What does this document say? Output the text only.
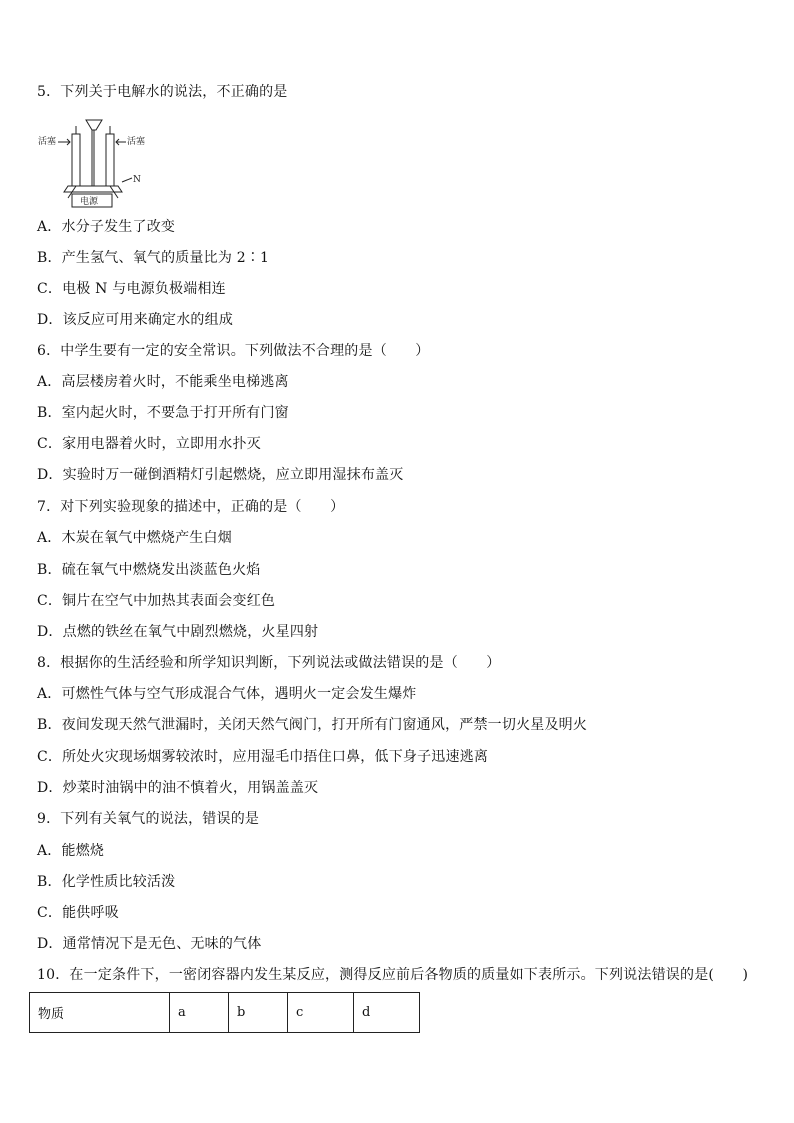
5．下列关于电解水的说法，不正确的是

活塞	活塞
N
电源

A．水分子发生了改变

B．产生氢气、氧气的质量比为 2∶1

C．电极 N 与电源负极端相连

D．该反应可用来确定水的组成

6．中学生要有一定的安全常识。下列做法不合理的是（　　）

A．高层楼房着火时，不能乘坐电梯逃离

B．室内起火时，不要急于打开所有门窗

C．家用电器着火时，立即用水扑灭

D．实验时万一碰倒酒精灯引起燃烧，应立即用湿抹布盖灭

7．对下列实验现象的描述中，正确的是（　　）

A．木炭在氧气中燃烧产生白烟

B．硫在氧气中燃烧发出淡蓝色火焰

C．铜片在空气中加热其表面会变红色

D．点燃的铁丝在氧气中剧烈燃烧，火星四射

8．根据你的生活经验和所学知识判断，下列说法或做法错误的是（　　）

A．可燃性气体与空气形成混合气体，遇明火一定会发生爆炸

B．夜间发现天然气泄漏时，关闭天然气阀门，打开所有门窗通风，严禁一切火星及明火

C．所处火灾现场烟雾较浓时，应用湿毛巾捂住口鼻，低下身子迅速逃离

D．炒菜时油锅中的油不慎着火，用锅盖盖灭

9．下列有关氧气的说法，错误的是

A．能燃烧

B．化学性质比较活泼

C．能供呼吸

D．通常情况下是无色、无味的气体

10．在一定条件下，一密闭容器内发生某反应，测得反应前后各物质的质量如下表所示。下列说法错误的是(　　)

物质	a	b	c	d
